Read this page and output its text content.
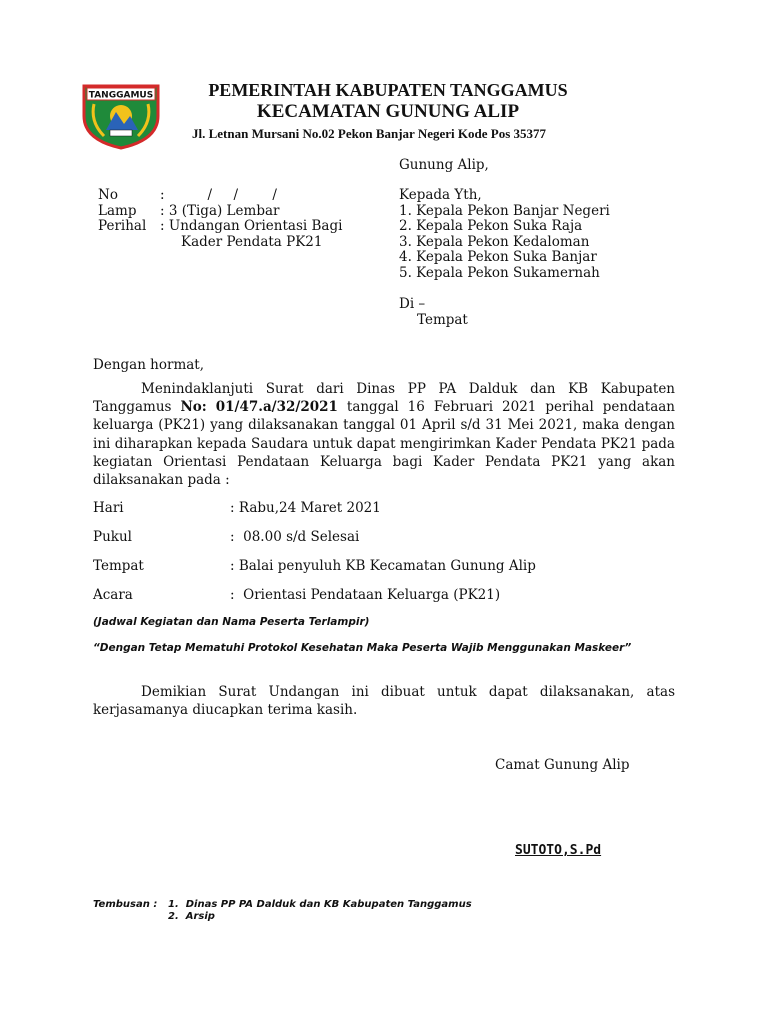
TANGGAMUS	PEMERINTAH KABUPATEN TANGGAMUS
KECAMATAN GUNUNG ALIP
Jl. Letnan Mursani No.02 Pekon Banjar Negeri Kode Pos 35377
Gunung Alip,
No	:          /     /        /
Lamp : 3 (Tiga) Lembar
Perihal : Undangan Orientasi Bagi
Kader Pendata PK21
Kepada Yth,
1. Kepala Pekon Banjar Negeri
2. Kepala Pekon Suka Raja
3. Kepala Pekon Kedaloman
4. Kepala Pekon Suka Banjar
5. Kepala Pekon Sukamernah
Di –
Tempat
Dengan hormat,
Menindaklanjuti Surat dari Dinas PP PA Dalduk dan KB Kabupaten Tanggamus No: 01/47.a/32/2021 tanggal 16 Februari 2021 perihal pendataan keluarga (PK21) yang dilaksanakan tanggal 01 April s/d 31 Mei 2021, maka dengan ini diharapkan kepada Saudara untuk dapat mengirimkan Kader Pendata PK21 pada kegiatan Orientasi Pendataan Keluarga bagi Kader Pendata PK21 yang akan dilaksanakan pada :
Hari	: Rabu,24 Maret 2021
Pukul	:  08.00 s/d Selesai
Tempat	: Balai penyuluh KB Kecamatan Gunung Alip
Acara	:  Orientasi Pendataan Keluarga (PK21)
(Jadwal Kegiatan dan Nama Peserta Terlampir)
“Dengan Tetap Mematuhi Protokol Kesehatan Maka Peserta Wajib Menggunakan Maskeer”
Demikian Surat Undangan ini dibuat untuk dapat dilaksanakan, atas kerjasamanya diucapkan terima kasih.
Camat Gunung Alip
SUTOTO,S.Pd
Tembusan : 1.  Dinas PP PA Dalduk dan KB Kabupaten Tanggamus
2.  Arsip
